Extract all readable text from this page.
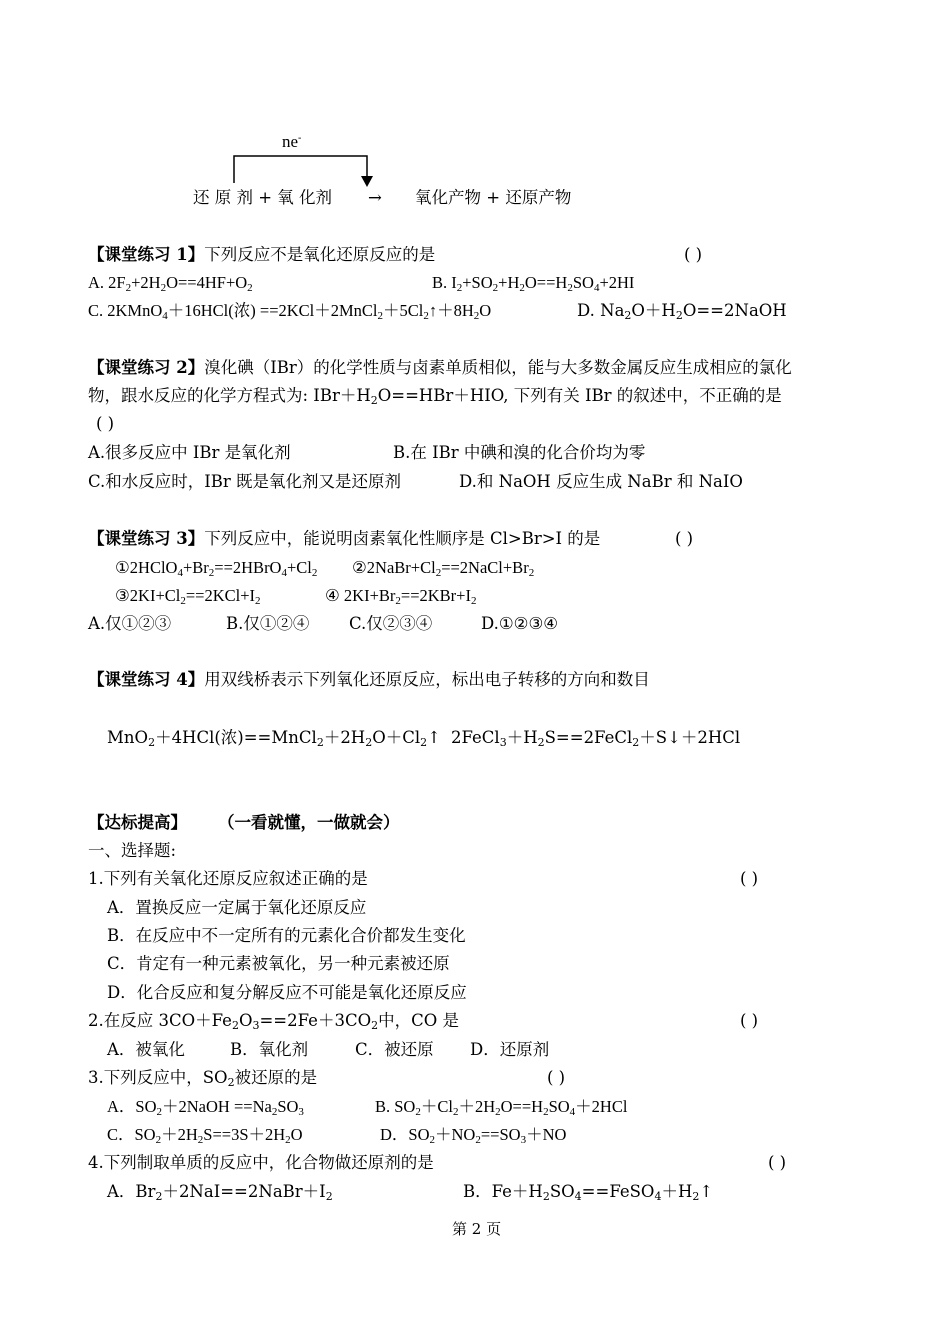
ne-
还 原 剂 + 氧 化剂 → 氧化产物 + 还原产物
【课堂练习 1】下列反应不是氧化还原反应的是	( )
A. $2F_2+2H_2O==4HF+O_2$	B. $I_2+SO_2+H_2O==H_2SO_4+2HI$
C. 2KMnO$_4$＋16HCl(浓) $==2KCl+2MnCl_2+5Cl_2↑+8H_2O$	D. $Na_2O+H_2O==2NaOH$
【课堂练习 2】溴化碘（IBr）的化学性质与卤素单质相似，能与大多数金属反应生成相应的氯化
物，跟水反应的化学方程式为: $IBr+H_2O==HBr+HIO$, 下列有关 IBr 的叙述中，不正确的是
( )
A.很多反应中 IBr 是氧化剂	B.在 IBr 中碘和溴的化合价均为零
C.和水反应时，IBr 既是氧化剂又是还原剂	D.和 NaOH 反应生成 NaBr 和 NaIO
【课堂练习 3】下列反应中，能说明卤素氧化性顺序是 Cl>Br>I 的是	( )
$①2HClO_4+Br_2==2HBrO_4+Cl_2$ $②2NaBr+Cl_2==2NaCl+Br_2$
$③2KI+Cl_2==2KCl+I_2$	④ $2KI+Br_2==2KBr+I_2$
A.仅①②③	B.仅①②④ C.仅②③④	D.①②③④
【课堂练习 4】用双线桥表示下列氧化还原反应，标出电子转移的方向和数目
MnO$_2$＋4HCl(浓)$==MnCl_2+2H_2O+Cl_2↑$ $2FeCl_3+H_2S==2FeCl_2+S↓+2HCl$
【达标提高】 （一看就懂，一做就会）
一、选择题:
1.下列有关氧化还原反应叙述正确的是	( )
A．置换反应一定属于氧化还原反应
B．在反应中不一定所有的元素化合价都发生变化
C．肯定有一种元素被氧化，另一种元素被还原
D．化合反应和复分解反应不可能是氧化还原反应
2.在反应 $3CO+Fe_2O_3==2Fe+3CO_2$中，CO 是	( )
A．被氧化	B．氧化剂	C．被还原 D．还原剂
3.下列反应中，$SO_2$被还原的是	( )
A．$SO_2+2NaOH ==Na_2SO_3$	B. $SO_2+Cl_2+2H_2O==H_2SO_4+2HCl$
C．$SO_2+2H_2S==3S+2H_2O$	D．$SO_2+NO_2==SO_3+NO$
4.下列制取单质的反应中，化合物做还原剂的是	( )
A．$Br_2+2NaI==2NaBr+I_2$	B．$Fe+H_2SO_4==FeSO_4+H_2↑$
第 2 页
